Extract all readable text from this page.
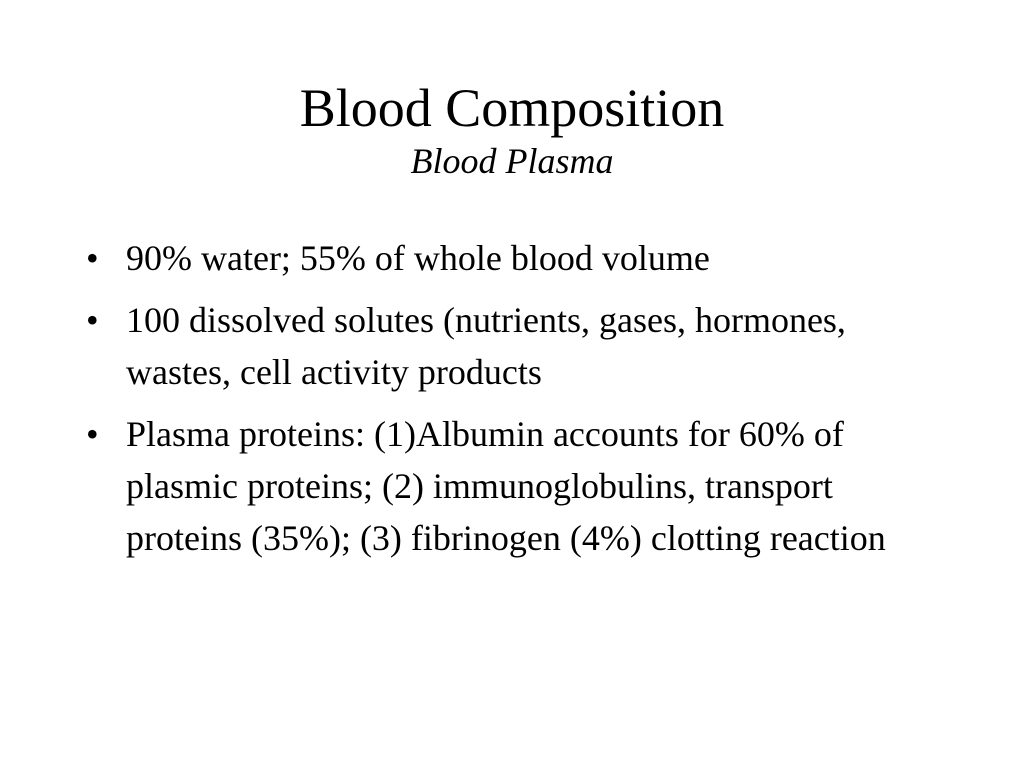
Blood Composition
Blood Plasma
• 90% water; 55% of whole blood volume
• 100 dissolved solutes (nutrients, gases, hormones, wastes, cell activity products
• Plasma proteins: (1)Albumin accounts for 60% of plasmic proteins; (2) immunoglobulins, transport proteins (35%); (3) fibrinogen (4%) clotting reaction
